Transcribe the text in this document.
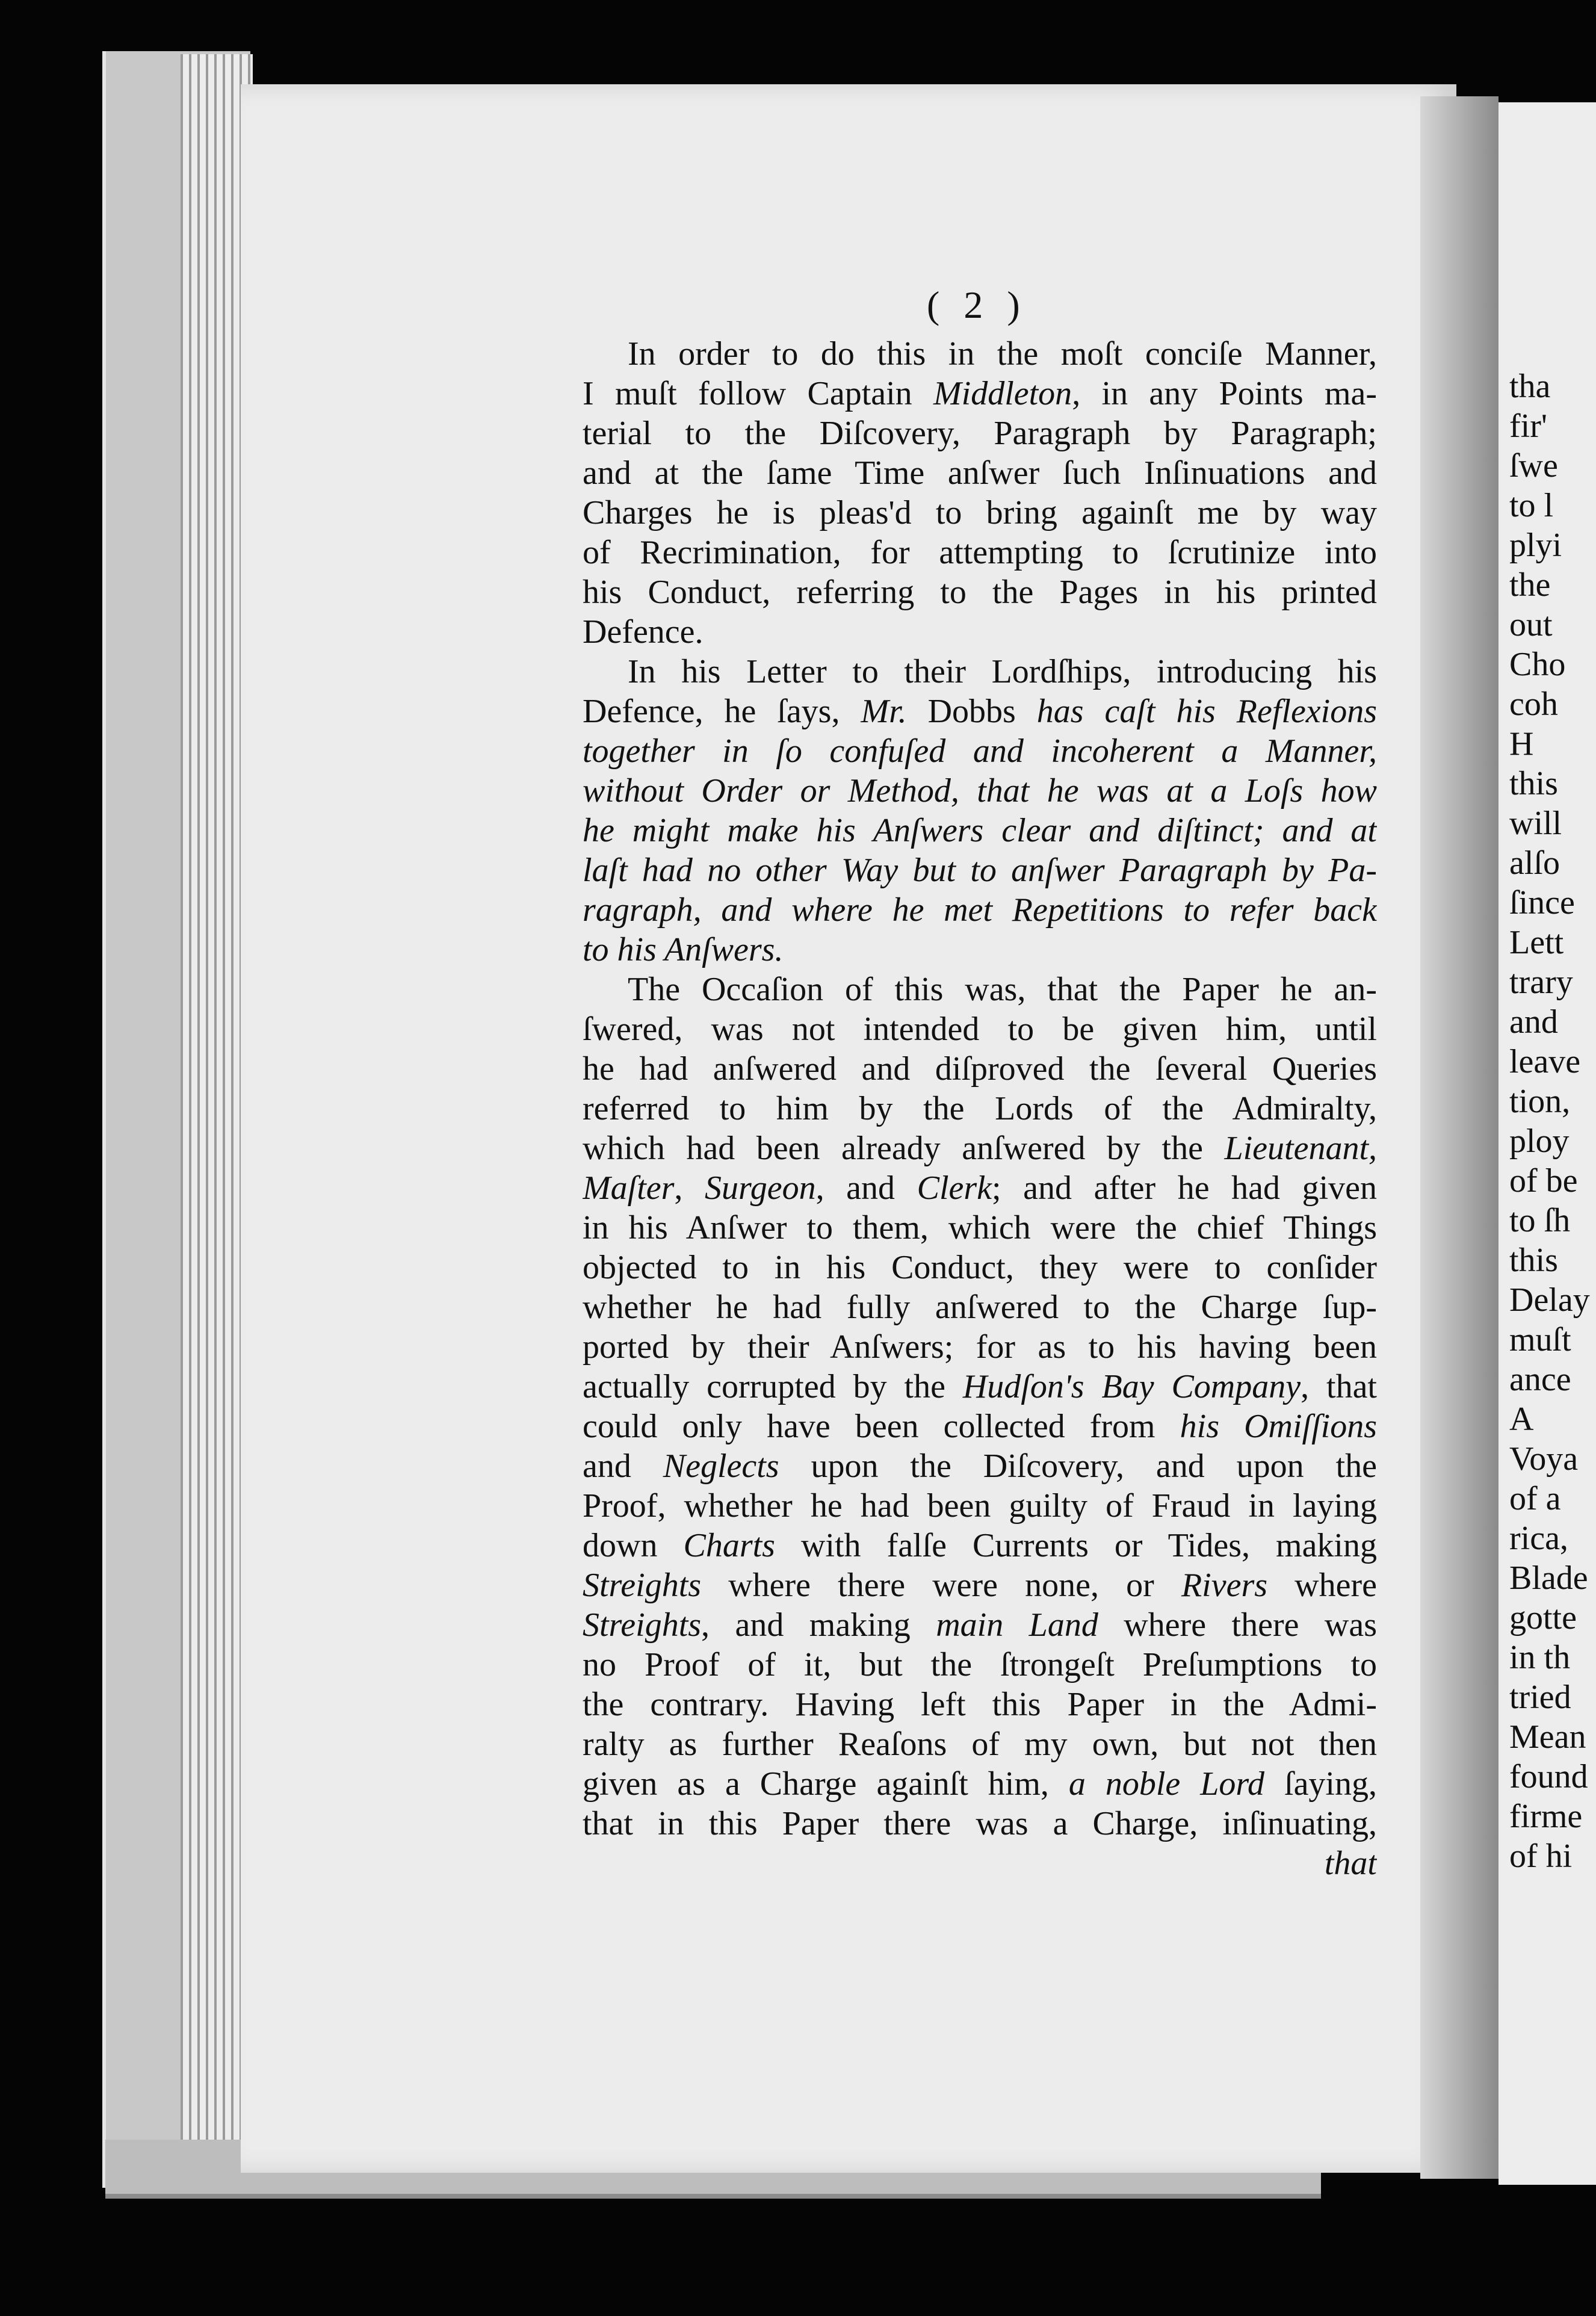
tha
fir'
ſwe
to l
plyi
the
out
Cho
coh
H
this
will
alſo
ſince
Lett
trary
and
leave
tion,
ploy
of be
to ſh
this
Delay
muſt
ance
A
Voya
of a
rica,
Blade
gotte
in th
tried
Mean
found
firme
of hi
( 2 )
In order to do this in the moſt conciſe Manner,
I muſt follow Captain Middleton, in any Points ma-
terial to the Diſcovery, Paragraph by Paragraph;
and at the ſame Time anſwer ſuch Inſinuations and
Charges he is pleas'd to bring againſt me by way
of Recrimination, for attempting to ſcrutinize into
his Conduct, referring to the Pages in his printed
Defence.
In his Letter to their Lordſhips, introducing his
Defence, he ſays, Mr. Dobbs has caſt his Reflexions
together in ſo confuſed and incoherent a Manner,
without Order or Method, that he was at a Loſs how
he might make his Anſwers clear and diſtinct; and at
laſt had no other Way but to anſwer Paragraph by Pa-
ragraph, and where he met Repetitions to refer back
to his Anſwers.
The Occaſion of this was, that the Paper he an-
ſwered, was not intended to be given him, until
he had anſwered and diſproved the ſeveral Queries
referred to him by the Lords of the Admiralty,
which had been already anſwered by the Lieutenant,
Maſter, Surgeon, and Clerk; and after he had given
in his Anſwer to them, which were the chief Things
objected to in his Conduct, they were to conſider
whether he had fully anſwered to the Charge ſup-
ported by their Anſwers; for as to his having been
actually corrupted by the Hudſon's Bay Company, that
could only have been collected from his Omiſſions
and Neglects upon the Diſcovery, and upon the
Proof, whether he had been guilty of Fraud in laying
down Charts with falſe Currents or Tides, making
Streights where there were none, or Rivers where
Streights, and making main Land where there was
no Proof of it, but the ſtrongeſt Preſumptions to
the contrary. Having left this Paper in the Admi-
ralty as further Reaſons of my own, but not then
given as a Charge againſt him, a noble Lord ſaying,
that in this Paper there was a Charge, inſinuating,
that
